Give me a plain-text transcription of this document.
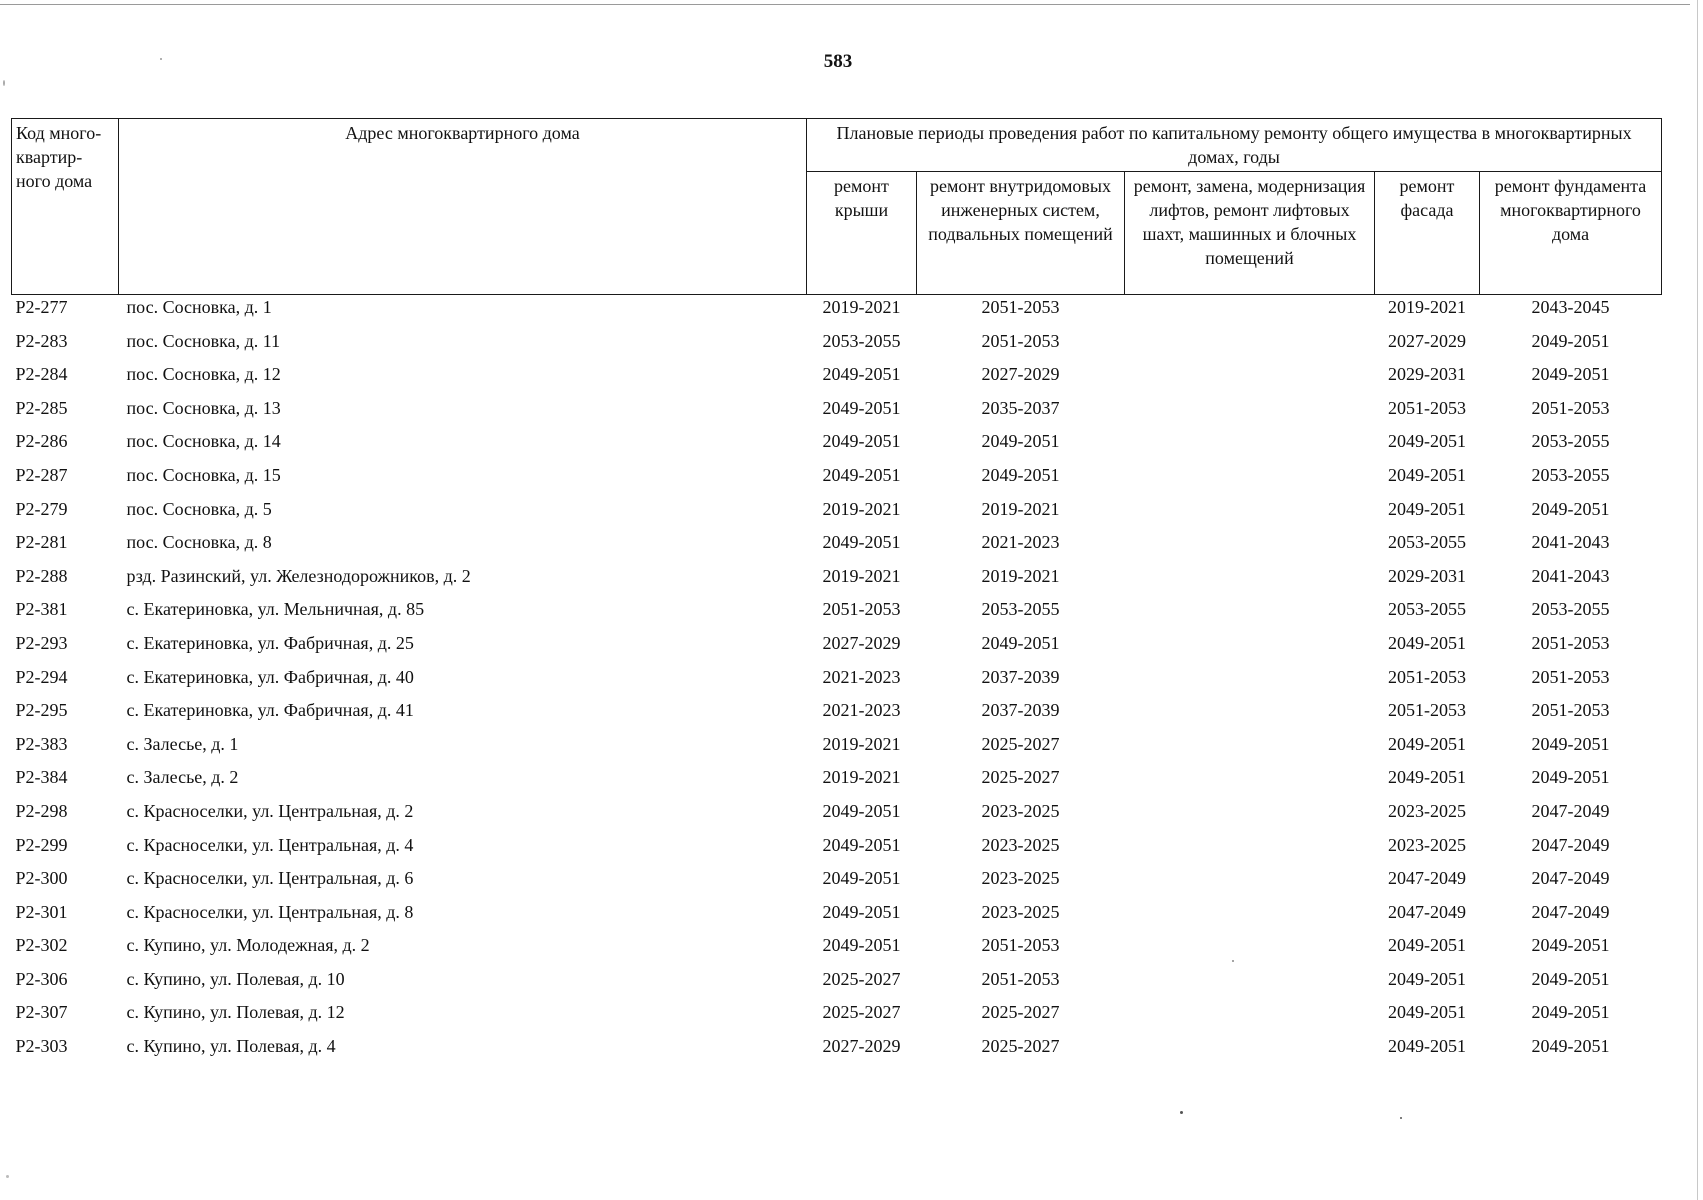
583
Код много-квартир-ного дома	Адрес многоквартирного дома	Плановые периоды проведения работ по капитальному ремонту общего имущества в многоквартирных домах, годы				
		ремонт крыши	ремонт внутридомовых инженерных систем, подвальных помещений	ремонт, замена, модернизация лифтов, ремонт лифтовых шахт, машинных и блочных помещений	ремонт фасада	ремонт фундамента многоквартирного дома
Р2-277	пос. Сосновка, д. 1	2019-2021	2051-2053		2019-2021	2043-2045
Р2-283	пос. Сосновка, д. 11	2053-2055	2051-2053		2027-2029	2049-2051
Р2-284	пос. Сосновка, д. 12	2049-2051	2027-2029		2029-2031	2049-2051
Р2-285	пос. Сосновка, д. 13	2049-2051	2035-2037		2051-2053	2051-2053
Р2-286	пос. Сосновка, д. 14	2049-2051	2049-2051		2049-2051	2053-2055
Р2-287	пос. Сосновка, д. 15	2049-2051	2049-2051		2049-2051	2053-2055
Р2-279	пос. Сосновка, д. 5	2019-2021	2019-2021		2049-2051	2049-2051
Р2-281	пос. Сосновка, д. 8	2049-2051	2021-2023		2053-2055	2041-2043
Р2-288	рзд. Разинский, ул. Железнодорожников, д. 2	2019-2021	2019-2021		2029-2031	2041-2043
Р2-381	с. Екатериновка, ул. Мельничная, д. 85	2051-2053	2053-2055		2053-2055	2053-2055
Р2-293	с. Екатериновка, ул. Фабричная, д. 25	2027-2029	2049-2051		2049-2051	2051-2053
Р2-294	с. Екатериновка, ул. Фабричная, д. 40	2021-2023	2037-2039		2051-2053	2051-2053
Р2-295	с. Екатериновка, ул. Фабричная, д. 41	2021-2023	2037-2039		2051-2053	2051-2053
Р2-383	с. Залесье, д. 1	2019-2021	2025-2027		2049-2051	2049-2051
Р2-384	с. Залесье, д. 2	2019-2021	2025-2027		2049-2051	2049-2051
Р2-298	с. Красноселки, ул. Центральная, д. 2	2049-2051	2023-2025		2023-2025	2047-2049
Р2-299	с. Красноселки, ул. Центральная, д. 4	2049-2051	2023-2025		2023-2025	2047-2049
Р2-300	с. Красноселки, ул. Центральная, д. 6	2049-2051	2023-2025		2047-2049	2047-2049
Р2-301	с. Красноселки, ул. Центральная, д. 8	2049-2051	2023-2025		2047-2049	2047-2049
Р2-302	с. Купино, ул. Молодежная, д. 2	2049-2051	2051-2053		2049-2051	2049-2051
Р2-306	с. Купино, ул. Полевая, д. 10	2025-2027	2051-2053		2049-2051	2049-2051
Р2-307	с. Купино, ул. Полевая, д. 12	2025-2027	2025-2027		2049-2051	2049-2051
Р2-303	с. Купино, ул. Полевая, д. 4	2027-2029	2025-2027		2049-2051	2049-2051
